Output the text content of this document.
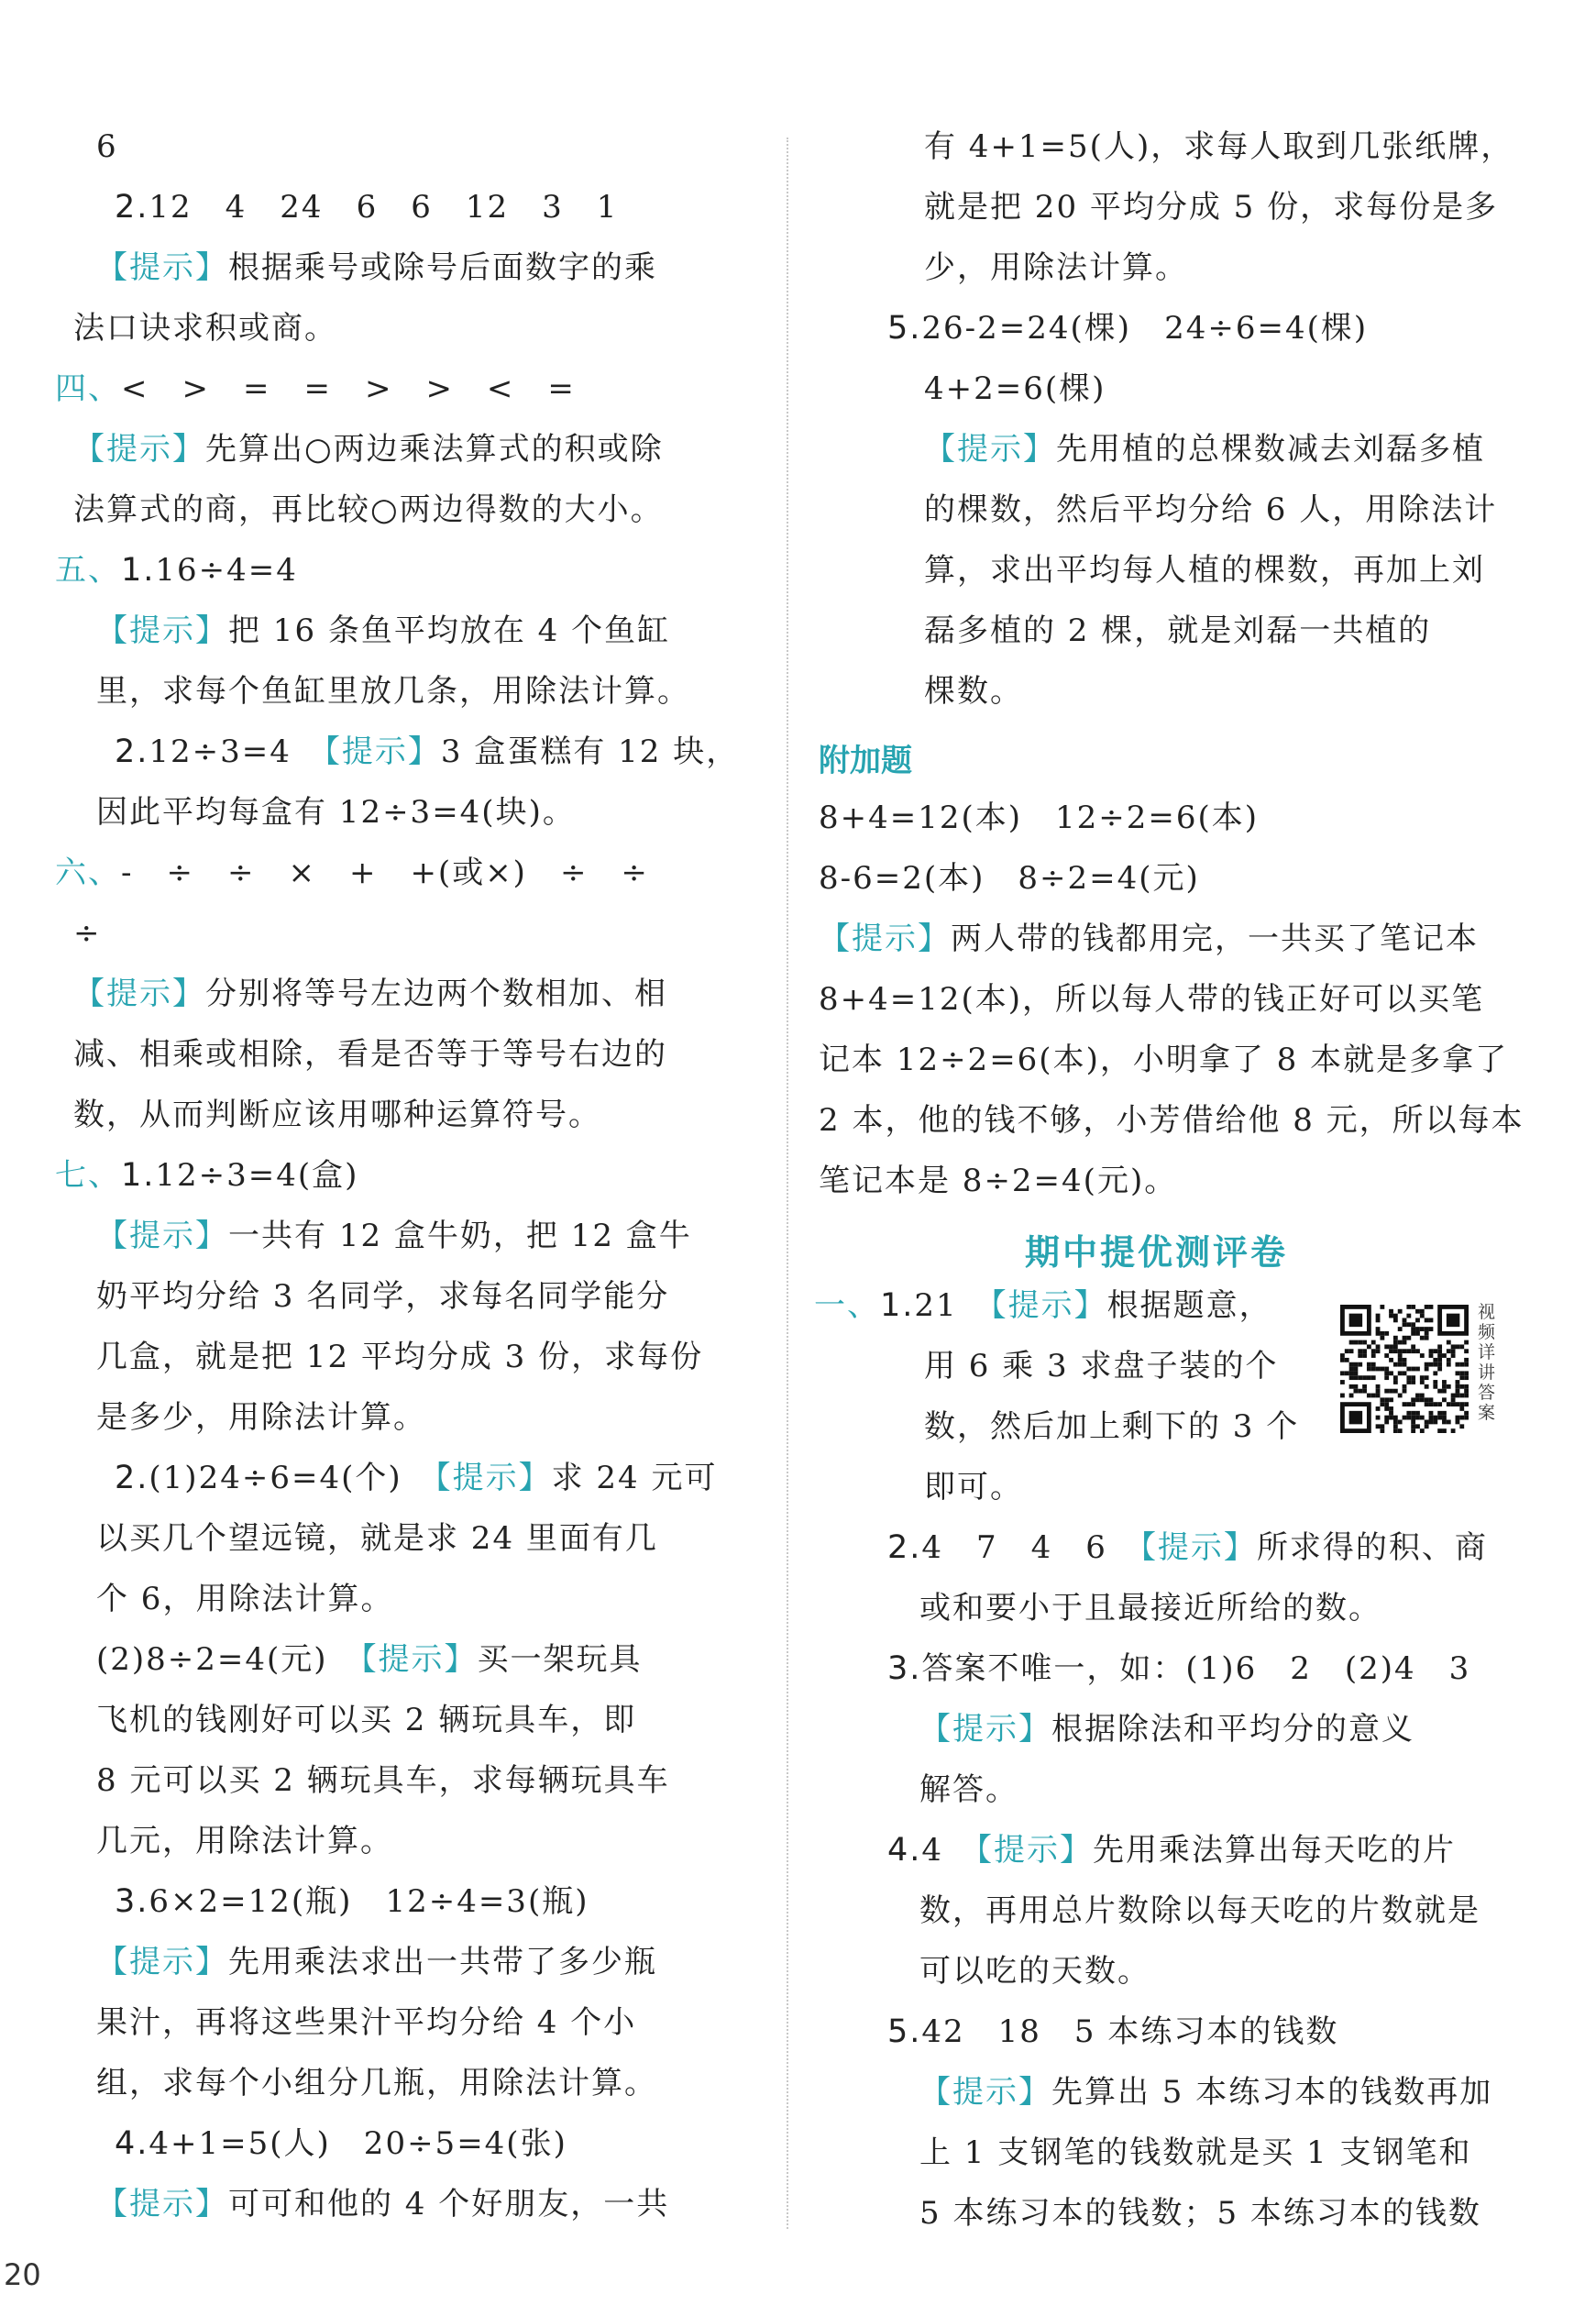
6
2.12　4　24　6　6　12　3　1
【提示】根据乘号或除号后面数字的乘
法口诀求积或商。
四、<　>　=　=　>　>　<　=
【提示】先算出○两边乘法算式的积或除
法算式的商，再比较○两边得数的大小。
五、1.16÷4=4
【提示】把 16 条鱼平均放在 4 个鱼缸
里，求每个鱼缸里放几条，用除法计算。
2.12÷3=4　【提示】3 盒蛋糕有 12 块，
因此平均每盒有 12÷3=4(块)。
六、-　÷　÷　×　+　+(或×)　÷　÷
÷
【提示】分别将等号左边两个数相加、相
减、相乘或相除，看是否等于等号右边的
数，从而判断应该用哪种运算符号。
七、1.12÷3=4(盒)
【提示】一共有 12 盒牛奶，把 12 盒牛
奶平均分给 3 名同学，求每名同学能分
几盒，就是把 12 平均分成 3 份，求每份
是多少，用除法计算。
2.(1)24÷6=4(个)　【提示】求 24 元可
以买几个望远镜，就是求 24 里面有几
个 6，用除法计算。
(2)8÷2=4(元)　【提示】买一架玩具
飞机的钱刚好可以买 2 辆玩具车，即
8 元可以买 2 辆玩具车，求每辆玩具车
几元，用除法计算。
3.6×2=12(瓶)　12÷4=3(瓶)
【提示】先用乘法求出一共带了多少瓶
果汁，再将这些果汁平均分给 4 个小
组，求每个小组分几瓶，用除法计算。
4.4+1=5(人)　20÷5=4(张)
【提示】可可和他的 4 个好朋友，一共
有 4+1=5(人)，求每人取到几张纸牌，
就是把 20 平均分成 5 份，求每份是多
少，用除法计算。
5.26-2=24(棵)　24÷6=4(棵)
4+2=6(棵)
【提示】先用植的总棵数减去刘磊多植
的棵数，然后平均分给 6 人，用除法计
算，求出平均每人植的棵数，再加上刘
磊多植的 2 棵，就是刘磊一共植的
棵数。
8+4=12(本)　12÷2=6(本)
8-6=2(本)　8÷2=4(元)
【提示】两人带的钱都用完，一共买了笔记本
8+4=12(本)，所以每人带的钱正好可以买笔
记本 12÷2=6(本)，小明拿了 8 本就是多拿了
2 本，他的钱不够，小芳借给他 8 元，所以每本
笔记本是 8÷2=4(元)。
一、1.21　【提示】根据题意，
用 6 乘 3 求盘子装的个
数，然后加上剩下的 3 个
即可。
2.4　7　4　6　【提示】所求得的积、商
或和要小于且最接近所给的数。
3.答案不唯一，如：(1)6　2　(2)4　3
【提示】根据除法和平均分的意义
解答。
4.4　【提示】先用乘法算出每天吃的片
数，再用总片数除以每天吃的片数就是
可以吃的天数。
5.42　18　5 本练习本的钱数
【提示】先算出 5 本练习本的钱数再加
上 1 支钢笔的钱数就是买 1 支钢笔和
5 本练习本的钱数；5 本练习本的钱数
附加题
期中提优测评卷
视频详讲答案
20
